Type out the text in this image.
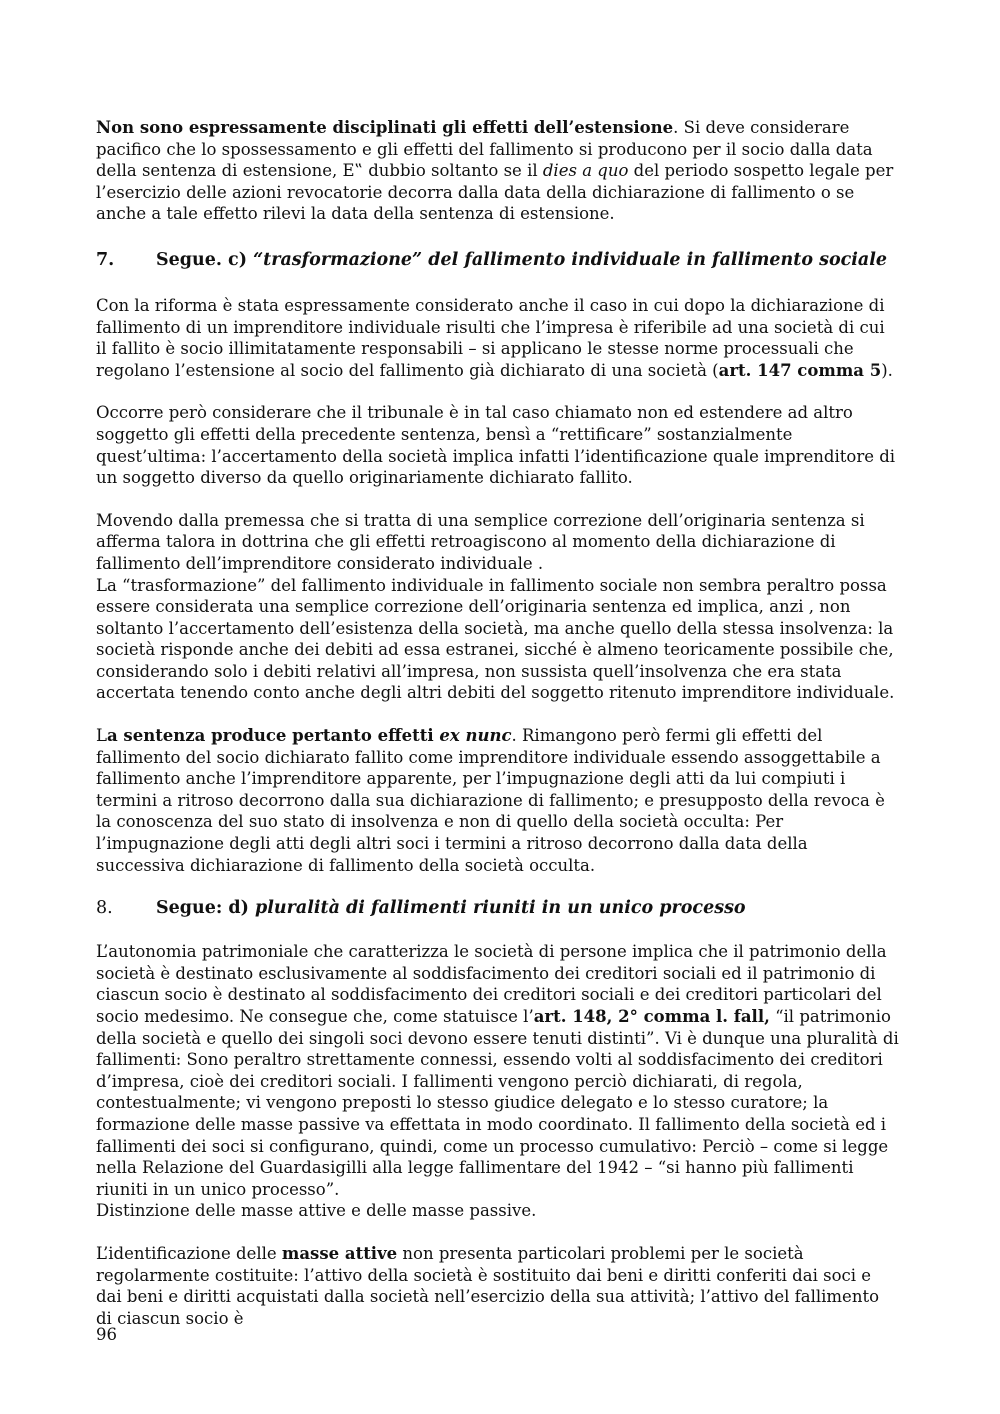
Non sono espressamente disciplinati gli effetti dell’estensione. Si deve considerare pacifico che lo spossessamento e gli effetti del fallimento si producono per il socio dalla data della sentenza di estensione, E‟ dubbio soltanto se il dies a quo del periodo sospetto legale per l’esercizio delle azioni revocatorie decorra dalla data della dichiarazione di fallimento o se anche a tale effetto rilevi la data della sentenza di estensione.

7.	Segue. c) “trasformazione” del fallimento individuale in fallimento sociale

Con la riforma è stata espressamente considerato anche il caso in cui dopo la dichiarazione di fallimento di un imprenditore individuale risulti che l’impresa è riferibile ad una società di cui il fallito è socio illimitatamente responsabili – si applicano le stesse norme processuali che regolano l’estensione al socio del fallimento già dichiarato di una società (art. 147 comma 5).

Occorre però considerare che il tribunale è in tal caso chiamato non ed estendere ad altro soggetto gli effetti della precedente sentenza, bensì a “rettificare” sostanzialmente quest’ultima: l’accertamento della società implica infatti l’identificazione quale imprenditore di un soggetto diverso da quello originariamente dichiarato fallito.

Movendo dalla premessa che si tratta di una semplice correzione dell’originaria sentenza si afferma talora in dottrina che gli effetti retroagiscono al momento della dichiarazione di fallimento dell’imprenditore considerato individuale .

La “trasformazione” del fallimento individuale in fallimento sociale non sembra peraltro possa essere considerata una semplice correzione dell’originaria sentenza ed implica, anzi , non soltanto l’accertamento dell’esistenza della società, ma anche quello della stessa insolvenza: la società risponde anche dei debiti ad essa estranei, sicché è almeno teoricamente possibile che, considerando solo i debiti relativi all’impresa, non sussista quell’insolvenza che era stata accertata tenendo conto anche degli altri debiti del soggetto ritenuto imprenditore individuale.

La sentenza produce pertanto effetti ex nunc. Rimangono però fermi gli effetti del fallimento del socio dichiarato fallito come imprenditore individuale essendo assoggettabile a fallimento anche l’imprenditore apparente, per l’impugnazione degli atti da lui compiuti i termini a ritroso decorrono dalla sua dichiarazione di fallimento; e presupposto della revoca è la conoscenza del suo stato di insolvenza e non di quello della società occulta: Per l’impugnazione degli atti degli altri soci i termini a ritroso decorrono dalla data della successiva dichiarazione di fallimento della società occulta.

8.	Segue: d) pluralità di fallimenti riuniti in un unico processo

L’autonomia patrimoniale che caratterizza le società di persone implica che il patrimonio della società è destinato esclusivamente al soddisfacimento dei creditori sociali ed il patrimonio di ciascun socio è destinato al soddisfacimento dei creditori sociali e dei creditori particolari del socio medesimo. Ne consegue che, come statuisce l’art. 148, 2° comma l. fall, “il patrimonio della società e quello dei singoli soci devono essere tenuti distinti”. Vi è dunque una pluralità di fallimenti: Sono peraltro strettamente connessi, essendo volti al soddisfacimento dei creditori d’impresa, cioè dei creditori sociali. I fallimenti vengono perciò dichiarati, di regola, contestualmente; vi vengono preposti lo stesso giudice delegato e lo stesso curatore; la formazione delle masse passive va effettata in modo coordinato. Il fallimento della società ed i fallimenti dei soci si configurano, quindi, come un processo cumulativo: Perciò – come si legge nella Relazione del Guardasigilli alla legge fallimentare del 1942 – “si hanno più fallimenti riuniti in un unico processo”.

Distinzione delle masse attive e delle masse passive.

L’identificazione delle masse attive non presenta particolari problemi per le società regolarmente costituite: l’attivo della società è sostituito dai beni e diritti conferiti dai soci e dai beni e diritti acquistati dalla società nell’esercizio della sua attività; l’attivo del fallimento di ciascun socio è

96
